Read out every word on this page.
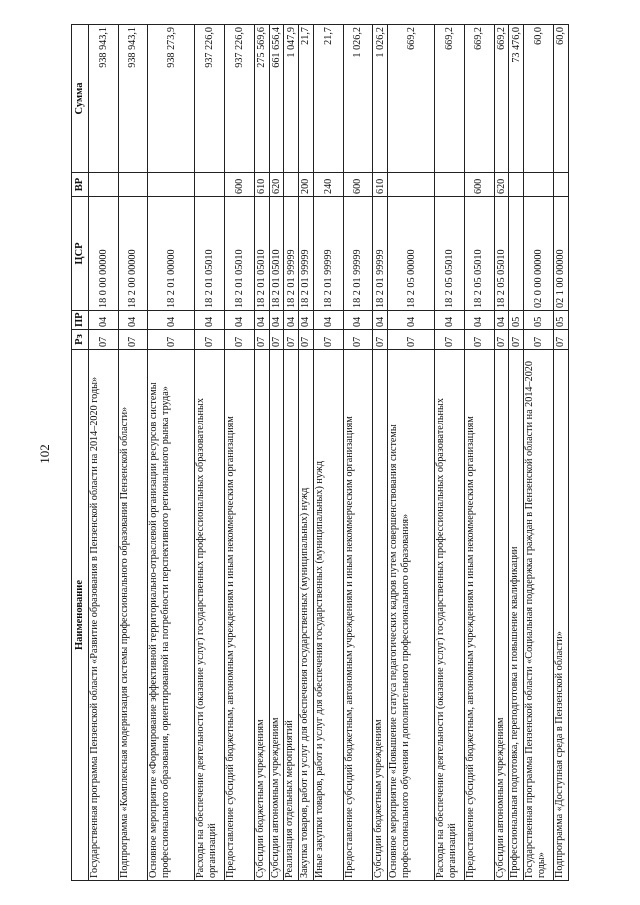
102
Наименование	Рз	ПР	ЦСР	ВР	Сумма
Государственная программа Пензенской области «Развитие образования в Пензенской области на 2014–2020 годы»	07	04	18 0 00 00000		938 943,1
Подпрограмма «Комплексная модернизация системы профессионального образования Пензенской области»	07	04	18 2 00 00000		938 943,1
Основное мероприятие «Формирование эффективной территориально-отраслевой организации ресурсов системы профессионального образования, ориентированной на потребности перспективного регионального рынка труда»	07	04	18 2 01 00000		938 273,9
Расходы на обеспечение деятельности (оказание услуг) государственных профессиональных образовательных организаций	07	04	18 2 01 05010		937 226,0
Предоставление субсидий бюджетным, автономным учреждениям и иным некоммерческим организациям	07	04	18 2 01 05010	600	937 226,0
Субсидии бюджетным учреждениям	07	04	18 2 01 05010	610	275 569,6
Субсидии автономным учреждениям	07	04	18 2 01 05010	620	661 656,4
Реализация отдельных мероприятий	07	04	18 2 01 99999		1 047,9
Закупка товаров, работ и услуг для обеспечения государственных (муниципальных) нужд	07	04	18 2 01 99999	200	21,7
Иные закупки товаров, работ и услуг для обеспечения государственных (муниципальных) нужд	07	04	18 2 01 99999	240	21,7
Предоставление субсидий бюджетным, автономным учреждениям и иным некоммерческим организациям	07	04	18 2 01 99999	600	1 026,2
Субсидии бюджетным учреждениям	07	04	18 2 01 99999	610	1 026,2
Основное мероприятие «Повышение статуса педагогических кадров путем совершенствования системы профессионального обучения и дополнительного профессионального образования»	07	04	18 2 05 00000		669,2
Расходы на обеспечение деятельности (оказание услуг) государственных профессиональных образовательных организаций	07	04	18 2 05 05010		669,2
Предоставление субсидий бюджетным, автономным учреждениям и иным некоммерческим организациям	07	04	18 2 05 05010	600	669,2
Субсидии автономным учреждениям	07	04	18 2 05 05010	620	669,2
Профессиональная подготовка, переподготовка и повышение квалификации	07	05			73 476,0
Государственная программа Пензенской области «Социальная поддержка граждан в Пензенской области на 2014–2020 годы»	07	05	02 0 00 00000		60,0
Подпрограмма «Доступная среда в Пензенской области»	07	05	02 1 00 00000		60,0
